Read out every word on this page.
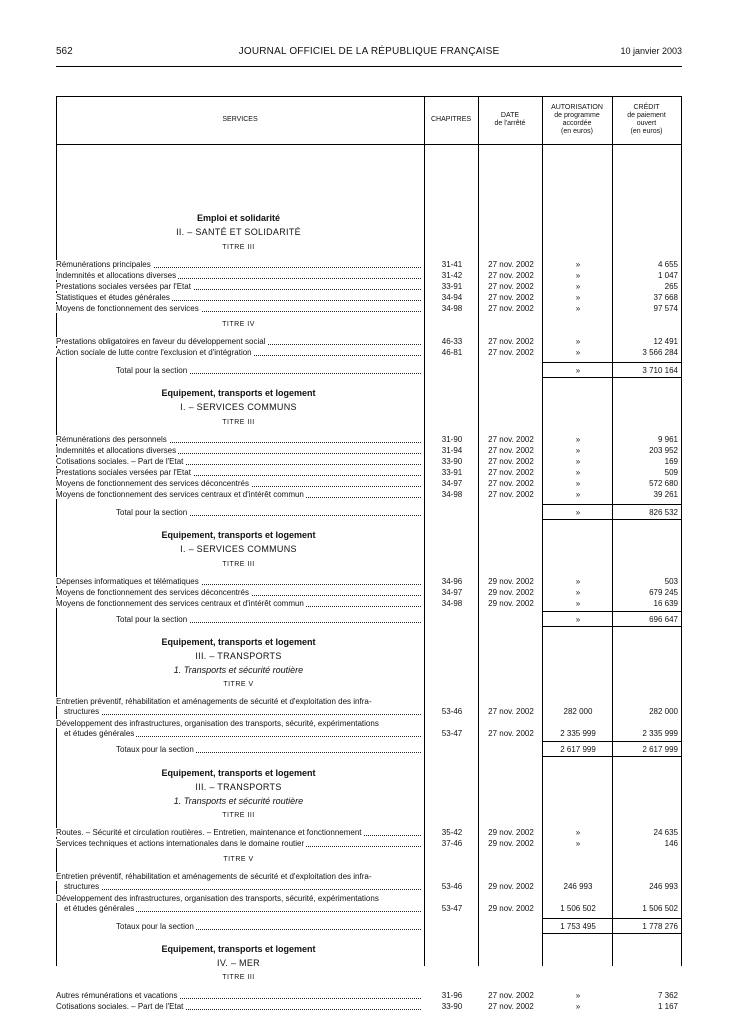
562	JOURNAL OFFICIEL DE LA RÉPUBLIQUE FRANÇAISE	10 janvier 2003
SERVICES	CHAPITRES
DATE
de l'arrêté
AUTORISATION
de programme
accordée
(en euros)
CRÉDIT
de paiement
ouvert
(en euros)
Emploi et solidarité
II. – SANTÉ ET SOLIDARITÉ
TITRE III
Rémunérations principales	31-41	27 nov. 2002	»	4 655
Indemnités et allocations diverses	31-42	27 nov. 2002	»	1 047
Prestations sociales versées par l'Etat	33-91	27 nov. 2002	»	265
Statistiques et études générales	34-94	27 nov. 2002	»	37 668
Moyens de fonctionnement des services	34-98	27 nov. 2002	»	97 574
TITRE IV
Prestations obligatoires en faveur du développement social	46-33	27 nov. 2002	»	12 491
Action sociale de lutte contre l'exclusion et d'intégration	46-81	27 nov. 2002	»	3 566 284
Total pour la section	»	3 710 164
Equipement, transports et logement
I. – SERVICES COMMUNS
TITRE III
Rémunérations des personnels	31-90	27 nov. 2002	»	9 961
Indemnités et allocations diverses	31-94	27 nov. 2002	»	203 952
Cotisations sociales. – Part de l'Etat	33-90	27 nov. 2002	»	169
Prestations sociales versées par l'Etat	33-91	27 nov. 2002	»	509
Moyens de fonctionnement des services déconcentrés	34-97	27 nov. 2002	»	572 680
Moyens de fonctionnement des services centraux et d'intérêt commun	34-98	27 nov. 2002	»	39 261
Total pour la section	»	826 532
Equipement, transports et logement
I. – SERVICES COMMUNS
TITRE III
Dépenses informatiques et télématiques	34-96	29 nov. 2002	»	503
Moyens de fonctionnement des services déconcentrés	34-97	29 nov. 2002	»	679 245
Moyens de fonctionnement des services centraux et d'intérêt commun	34-98	29 nov. 2002	»	16 639
Total pour la section	»	696 647
Equipement, transports et logement
III. – TRANSPORTS
1. Transports et sécurité routière
TITRE V
Entretien préventif, réhabilitation et aménagements de sécurité et d'exploitation des infra-
structures	53-46	27 nov. 2002	282 000	282 000
Développement des infrastructures, organisation des transports, sécurité, expérimentations
et études générales	53-47	27 nov. 2002	2 335 999	2 335 999
Totaux pour la section	2 617 999	2 617 999
Equipement, transports et logement
III. – TRANSPORTS
1. Transports et sécurité routière
TITRE III
Routes. – Sécurité et circulation routières. – Entretien, maintenance et fonctionnement	35-42	29 nov. 2002	»	24 635
Services techniques et actions internationales dans le domaine routier	37-46	29 nov. 2002	»	146
TITRE V
Entretien préventif, réhabilitation et aménagements de sécurité et d'exploitation des infra-
structures	53-46	29 nov. 2002	246 993	246 993
Développement des infrastructures, organisation des transports, sécurité, expérimentations
et études générales	53-47	29 nov. 2002	1 506 502	1 506 502
Totaux pour la section	1 753 495	1 778 276
Equipement, transports et logement
IV. – MER
TITRE III
Autres rémunérations et vacations	31-96	27 nov. 2002	»	7 362
Cotisations sociales. – Part de l'Etat	33-90	27 nov. 2002	»	1 167
